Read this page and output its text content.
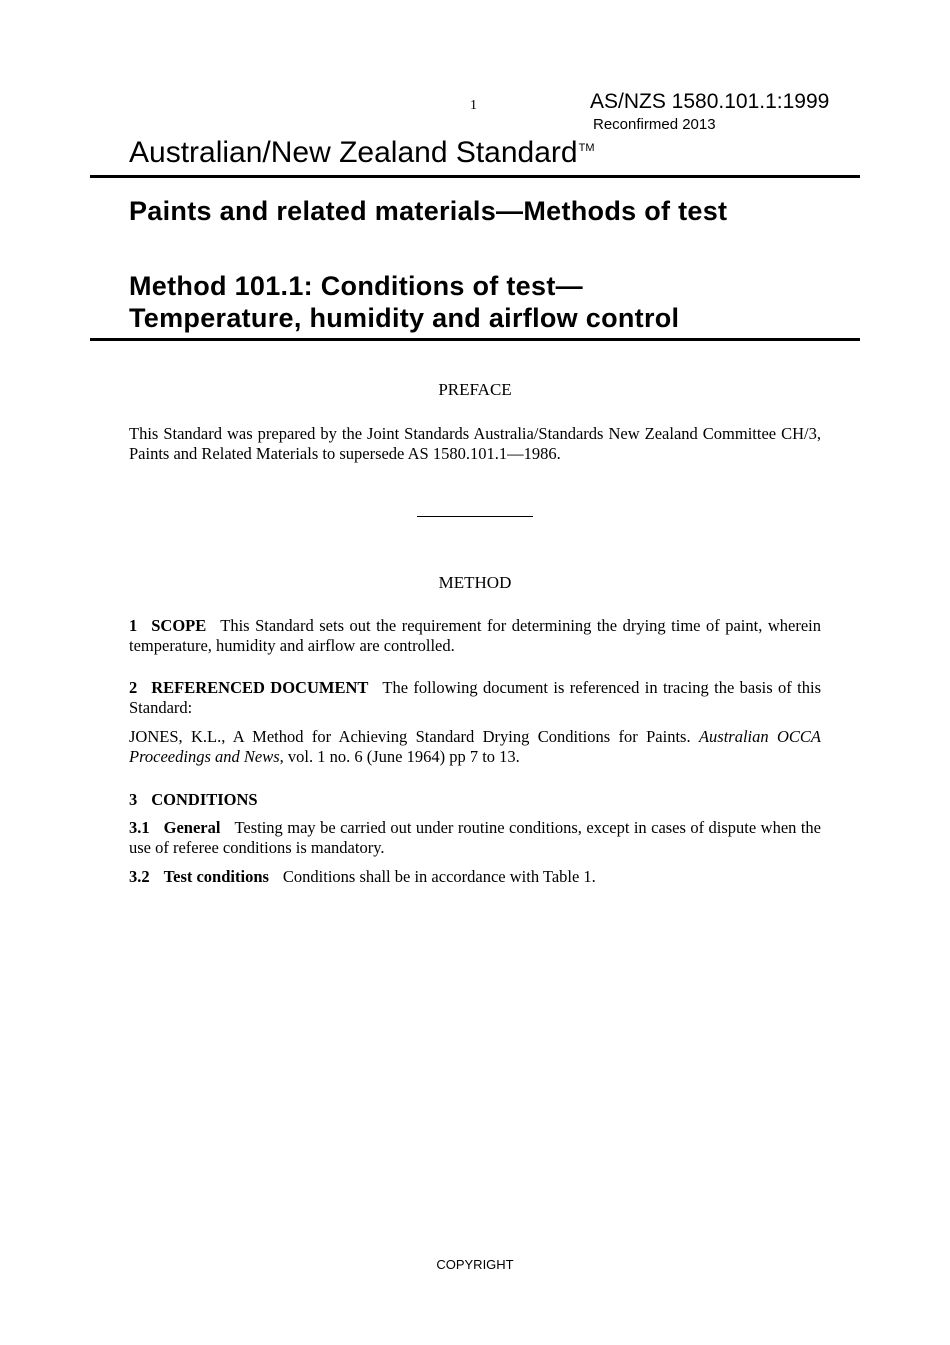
1	AS/NZS 1580.101.1:1999
Reconfirmed 2013
Australian/New Zealand Standard™
Paints and related materials—Methods of test
Method 101.1: Conditions of test—
Temperature, humidity and airflow control
PREFACE
This Standard was prepared by the Joint Standards Australia/Standards New Zealand Committee CH/3, Paints and Related Materials to supersede AS 1580.101.1—1986.
METHOD
1 SCOPE This Standard sets out the requirement for determining the drying time of paint, wherein temperature, humidity and airflow are controlled.
2 REFERENCED DOCUMENT The following document is referenced in tracing the basis of this Standard:
JONES, K.L., A Method for Achieving Standard Drying Conditions for Paints. Australian OCCA Proceedings and News, vol. 1 no. 6 (June 1964) pp 7 to 13.
3 CONDITIONS
3.1 General Testing may be carried out under routine conditions, except in cases of dispute when the use of referee conditions is mandatory.
3.2 Test conditions Conditions shall be in accordance with Table 1.
COPYRIGHT
